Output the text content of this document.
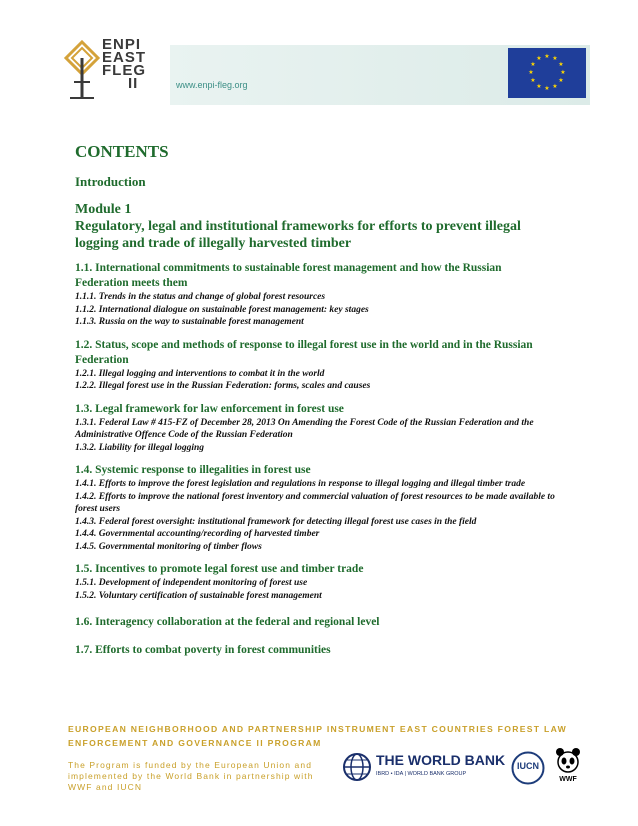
ENPI
EAST
FLEG
II	www.enpi-fleg.org
★ ★
★
★
★
★
★
★
★
★
★
★
CONTENTS
Introduction
Module 1
Regulatory, legal and institutional frameworks for efforts to prevent illegal logging and trade of illegally harvested timber
1.1. International commitments to sustainable forest management and how the Russian Federation meets them
1.1.1. Trends in the status and change of global forest resources
1.1.2. International dialogue on sustainable forest management: key stages
1.1.3. Russia on the way to sustainable forest management
1.2. Status, scope and methods of response to illegal forest use in the world and in the Russian Federation
1.2.1. Illegal logging and interventions to combat it in the world
1.2.2. Illegal forest use in the Russian Federation: forms, scales and causes
1.3. Legal framework for law enforcement in forest use
1.3.1. Federal Law # 415-FZ of December 28, 2013 On Amending the Forest Code of the Russian Federation and the Administrative Offence Code of the Russian Federation
1.3.2. Liability for illegal logging
1.4. Systemic response to illegalities in forest use
1.4.1. Efforts to improve the forest legislation and regulations in response to illegal logging and illegal timber trade
1.4.2. Efforts to improve the national forest inventory and commercial valuation of forest resources to be made available to forest users
1.4.3. Federal forest oversight: institutional framework for detecting illegal forest use cases in the field
1.4.4. Governmental accounting/recording of harvested timber
1.4.5. Governmental monitoring of timber flows
1.5. Incentives to promote legal forest use and timber trade
1.5.1. Development of independent monitoring of forest use
1.5.2. Voluntary certification of sustainable forest management
1.6. Interagency collaboration at the federal and regional level
1.7. Efforts to combat poverty in forest communities
EUROPEAN NEIGHBORHOOD AND PARTNERSHIP INSTRUMENT EAST COUNTRIES FOREST LAW
ENFORCEMENT AND GOVERNANCE II PROGRAM
The Program is funded by the European Union and implemented by the World Bank in partnership with WWF and IUCN
THE WORLD BANK
IBRD • IDA | WORLD BANK GROUP
IUCN
WWF
